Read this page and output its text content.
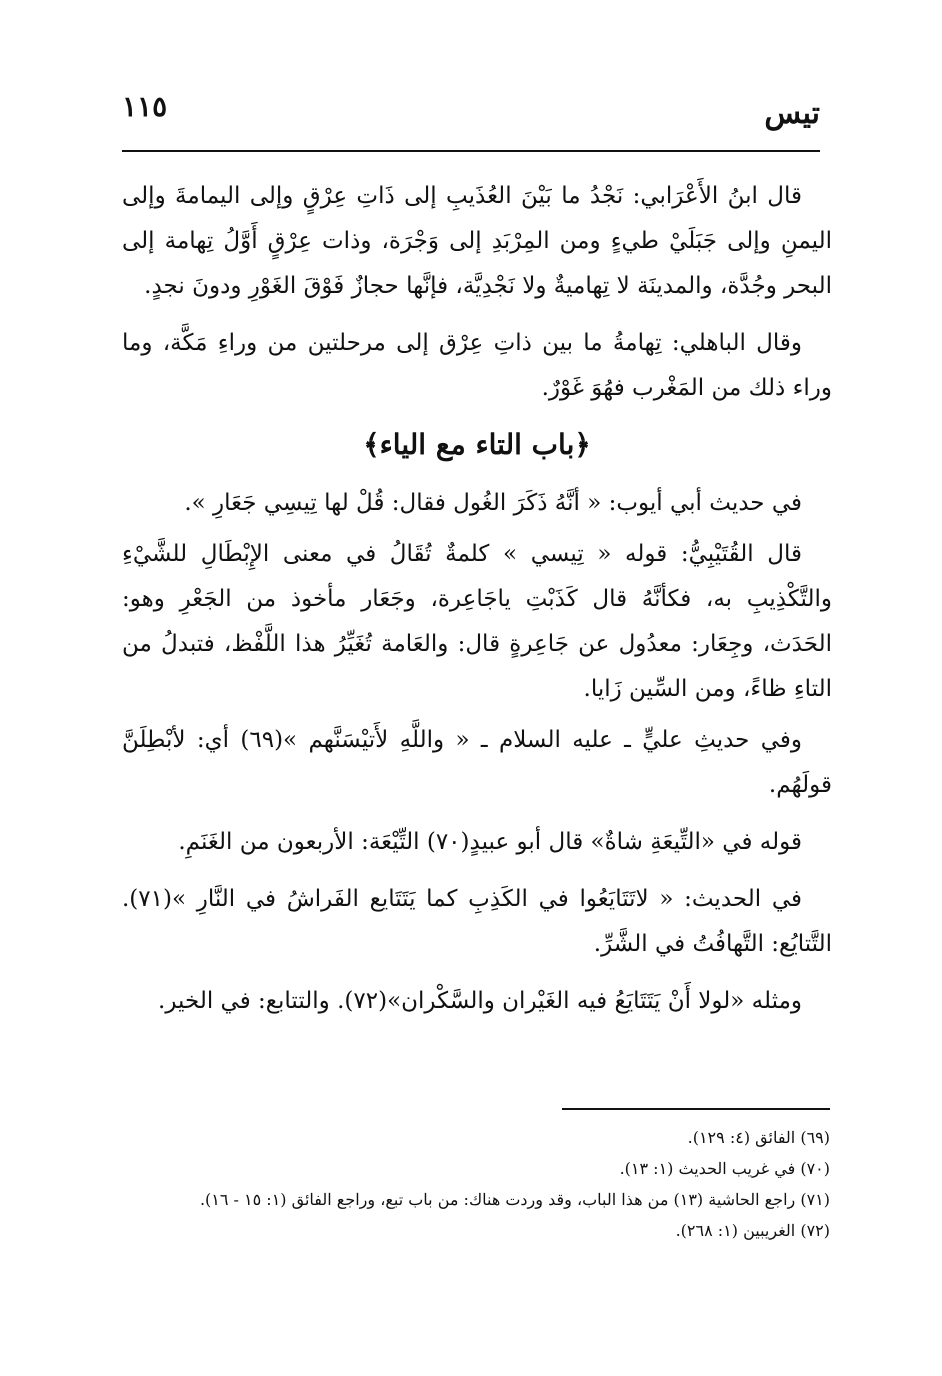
تيس
١١٥

قال ابنُ الأَعْرَابي: نَجْدُ ما بَيْنَ العُذَيبِ إلى ذَاتِ عِرْقٍ وإلى اليمامةَ وإلى اليمنِ وإلى جَبَلَيْ طيءٍ ومن المِرْبَدِ إلى وَجْرَة، وذات عِرْقٍ أَوَّلُ تِهامة إلى البحر وجُدَّة، والمدينَة لا تِهاميةٌ ولا نَجْدِيَّة، فإنَّها حجازٌ فَوْقَ الغَوْرِ ودونَ نجدٍ.

وقال الباهلي: تِهامةُ ما بين ذاتِ عِرْق إلى مرحلتين من وراءِ مَكَّة، وما وراء ذلك من المَغْرب فهُوَ غَوْرٌ.

﴿باب التاء مع الياء﴾

في حديث أبي أيوب: « أنَّهُ ذَكَرَ الغُول فقال: قُلْ لها تِيسِي جَعَارِ ».

قال القُتَيْبِيُّ: قوله « تِيسي » كلمةٌ تُقَالُ في معنى الإِبْطَالِ للشَّيْءِ والتَّكْذِيبِ به، فكأنَّهُ قال كَذَبْتِ ياجَاعِرة، وجَعَار مأخوذ من الجَعْرِ وهو: الحَدَث، وجِعَار: معدُول عن جَاعِرةٍ قال: والعَامة تُغَيِّرُ هذا اللَّفْظ، فتبدلُ من التاءِ ظاءً، ومن السِّين زَايا.

وفي حديثِ عليٍّ ـ عليه السلام ـ « واللَّهِ لأَتيْسَنَّهم »(٦٩) أي: لأبْطِلَنَّ قولَهُم.

قوله في «التِّيعَةِ شاةٌ» قال أبو عبيدٍ(٧٠) التِّيْعَة: الأربعون من الغَنَمِ.

في الحديث: « لاتَتَايَعُوا في الكَذِبِ كما يَتَتَايع الفَراشُ في النَّارِ »(٧١). التَّتايُع: التَّهافُتُ في الشَّرِّ.

ومثله «لولا أَنْ يَتَتَايَعُ فيه الغَيْران والسَّكْران»(٧٢). والتتابع: في الخير.

(٦٩) الفائق (٤: ١٢٩).

(٧٠) في غريب الحديث (١: ١٣).

(٧١) راجع الحاشية (١٣) من هذا الباب، وقد وردت هناك: من باب تبع، وراجع الفائق (١: ١٥ - ١٦).

(٧٢) الغريبين (١: ٢٦٨).
